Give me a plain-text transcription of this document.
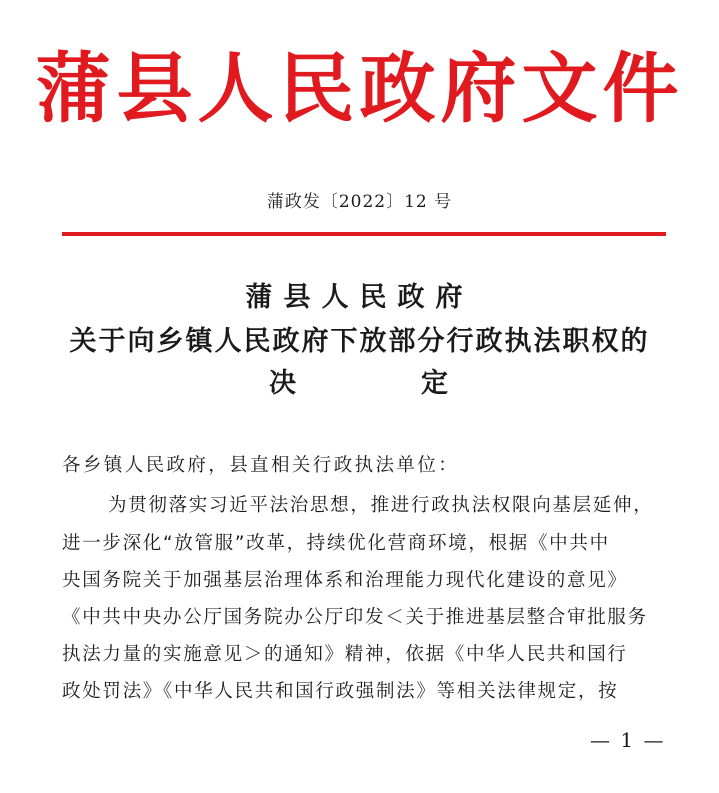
蒲县人民政府文件
蒲政发〔2022〕12 号
蒲县人民政府
关于向乡镇人民政府下放部分行政执法职权的
决	定
各乡镇人民政府，县直相关行政执法单位：
为贯彻落实习近平法治思想，推进行政执法权限向基层延伸，
进一步深化“放管服”改革，持续优化营商环境，根据《中共中
央国务院关于加强基层治理体系和治理能力现代化建设的意见》
《中共中央办公厅国务院办公厅印发＜关于推进基层整合审批服务
执法力量的实施意见＞的通知》精神，依据《中华人民共和国行
政处罚法》《中华人民共和国行政强制法》等相关法律规定，按
— 1 —
